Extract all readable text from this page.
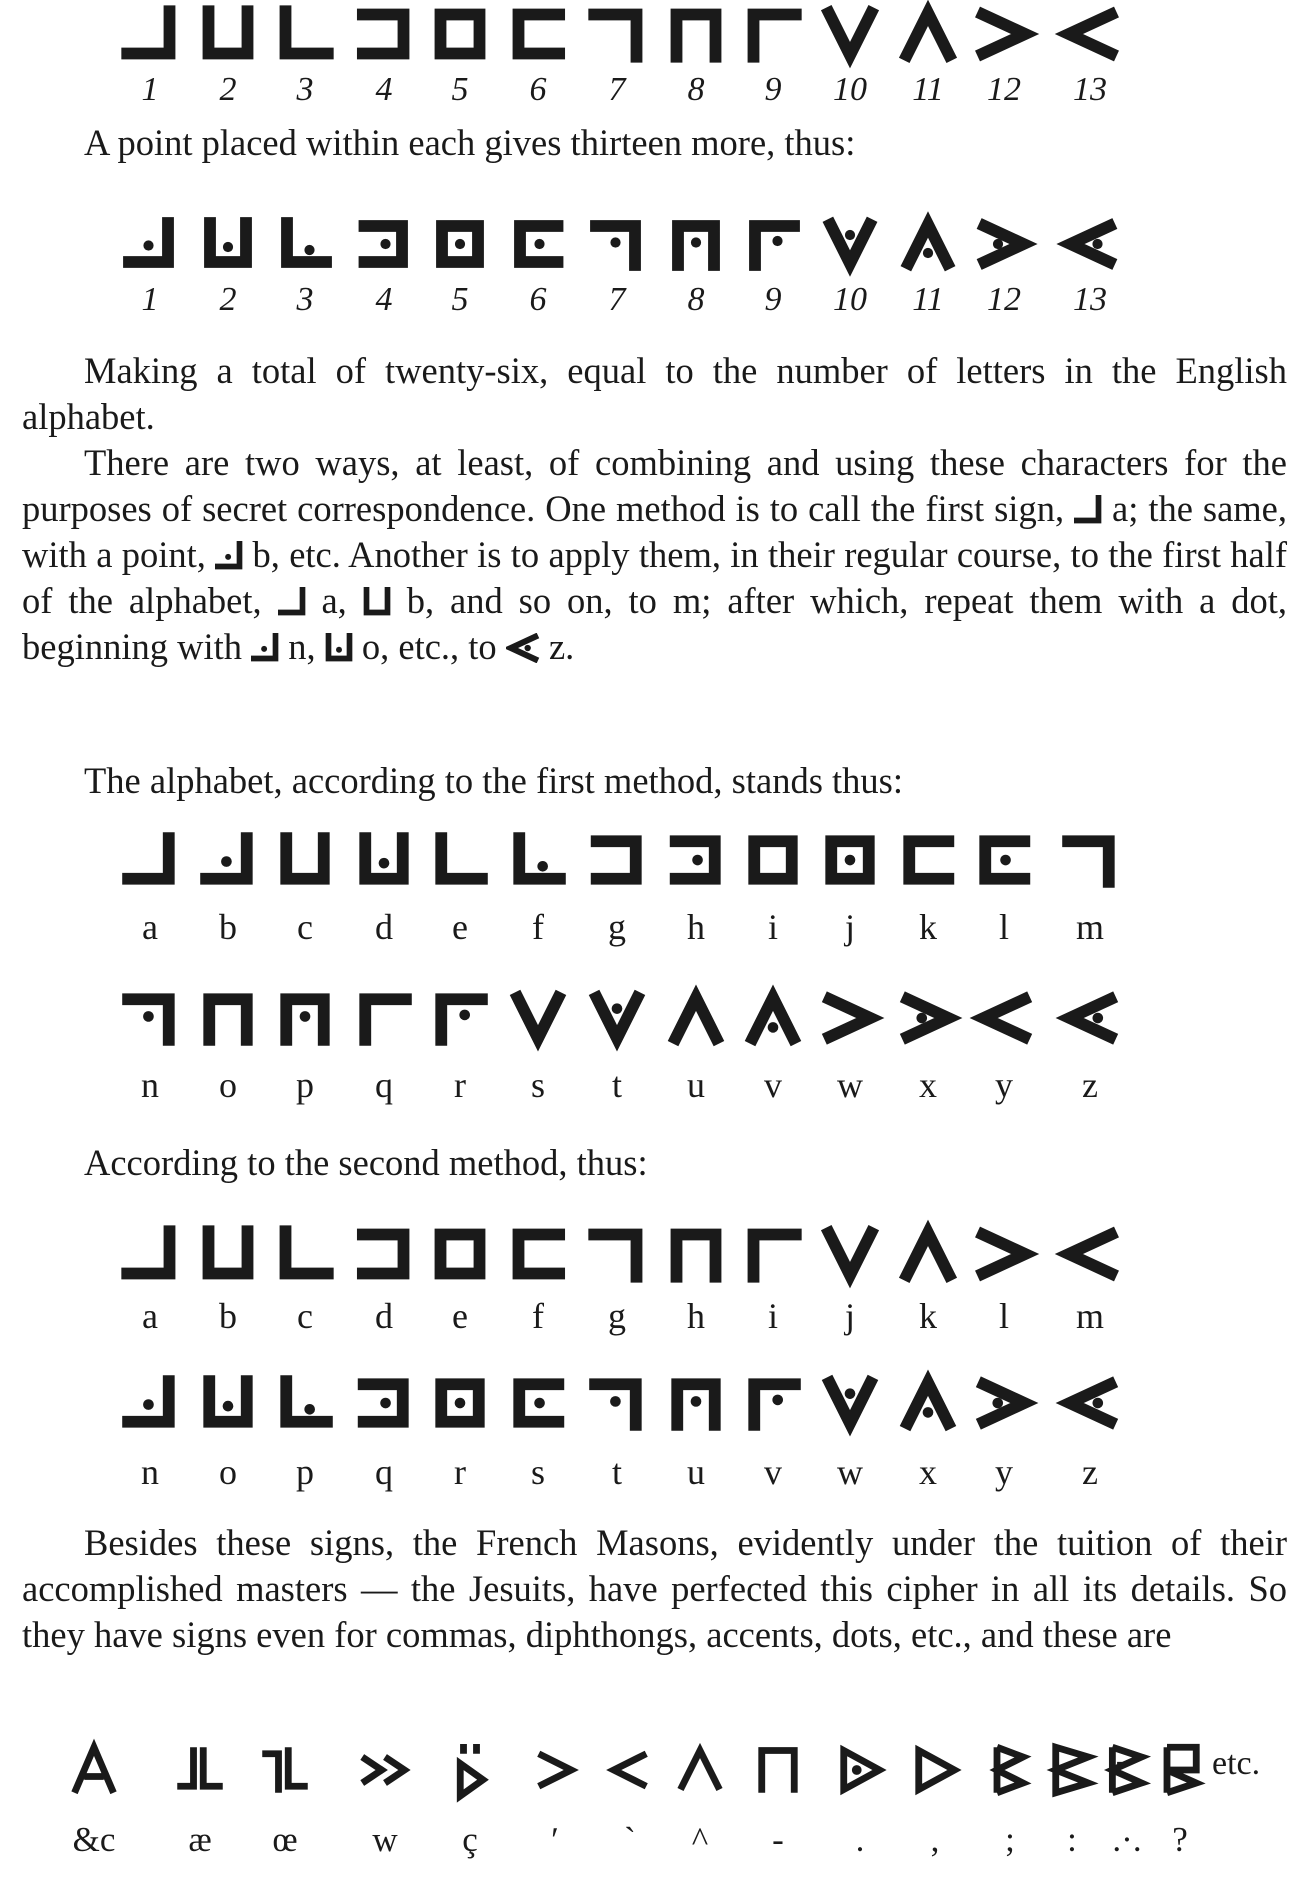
1 2 3 4 5 6 7 8 9 10 11 12 13

A point placed within each gives thirteen more, thus:

1 2 3 4 5 6 7 8 9 10 11 12 13

Making a total of twenty-six, equal to the number of letters in the English alphabet.

There are two ways, at least, of combining and using these characters for the purposes of secret correspondence. One method is to call the first sign, a; the same, with a point, b, etc. Another is to apply them, in their regular course, to the first half of the alphabet, a, b, and so on, to m; after which, repeat them with a dot, beginning with n, o, etc., to z.

The alphabet, according to the first method, stands thus:

a b c d e f g h i j k l m
n o p q r s t u v w x y z

According to the second method, thus:

a b c d e f g h i j k l m
n o p q r s t u v w x y z

Besides these signs, the French Masons, evidently under the tuition of their accomplished masters — the Jesuits, have perfected this cipher in all its details. So they have signs even for commas, diphthongs, accents, dots, etc., and these are

&c æ œ w ç ʹ ˋ ^ - . , ; : .·. ?
etc.
